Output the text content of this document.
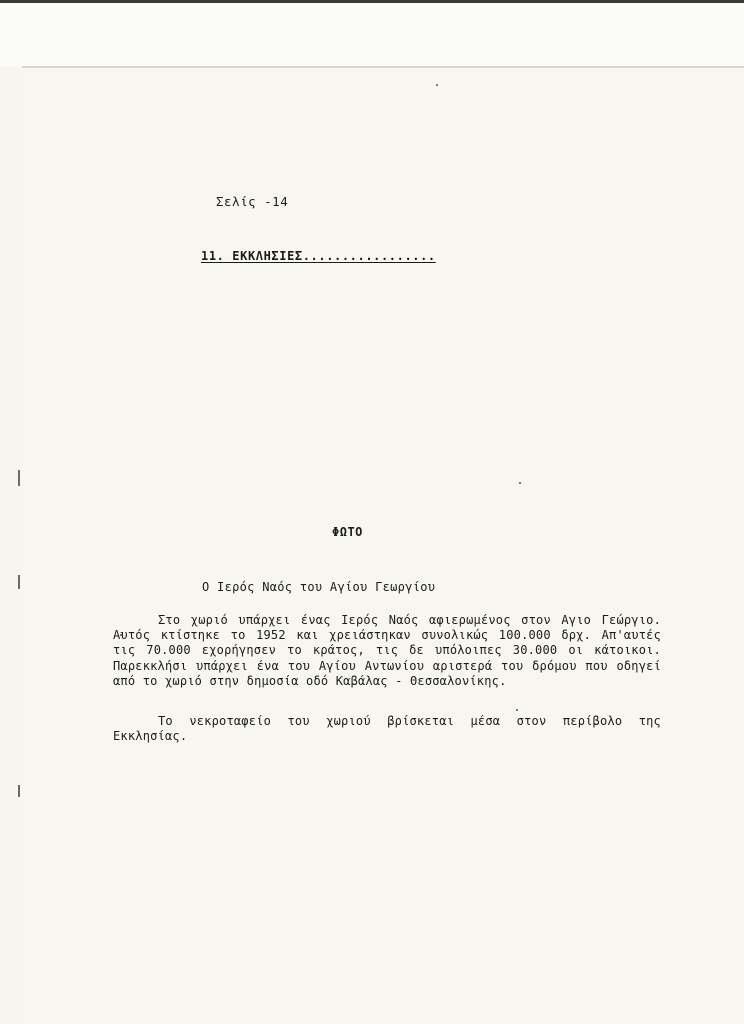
Σελίς -14
11. ΕΚΚΛΗΣΙΕΣ.................
ΦΩΤΟ
Ο Ιερός Ναός του Αγίου Γεωργίου
Στο χωριό υπάρχει ένας Ιερός Ναός αφιερωμένος στον Αγιο Γεώργιο. Αυτός κτίστηκε το 1952 και χρειάστηκαν συνολικώς 100.000 δρχ. Απ'αυτές τις 70.000 εχορήγησεν το κράτος, τις δε υπόλοιπες 30.000 οι κάτοικοι. Παρεκκλήσι υπάρχει ένα του Αγίου Αντωνίου αριστερά του δρόμου που οδηγεί από το χωριό στην δημοσία οδό Καβάλας - Θεσσαλονίκης.
Το νεκροταφείο του χωριού βρίσκεται μέσα στον περίβολο της Εκκλησίας.
